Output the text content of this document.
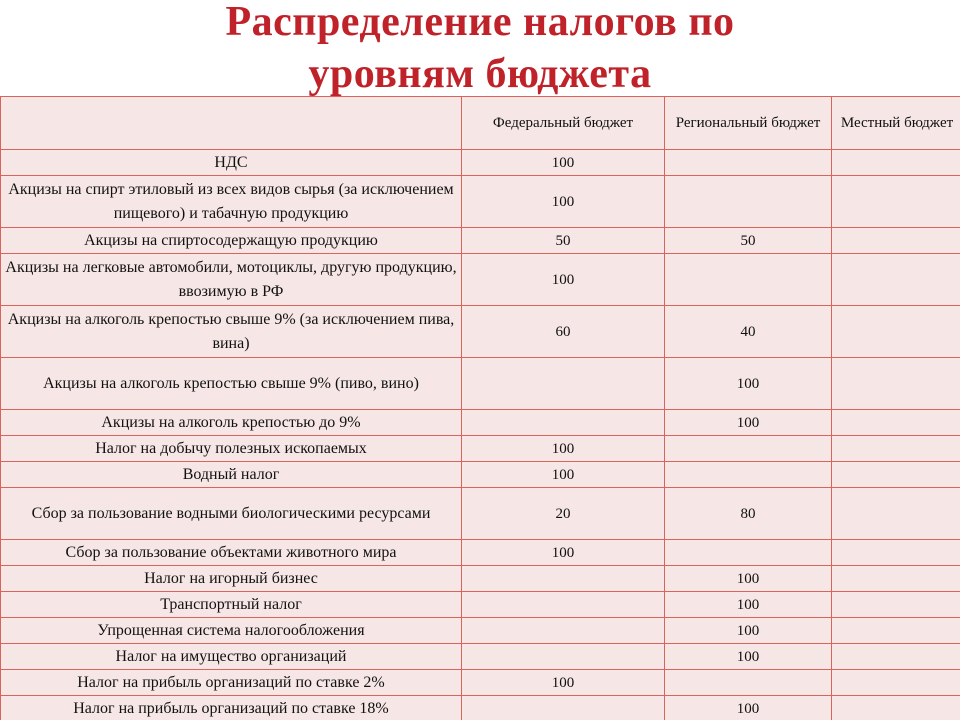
Распределение налогов по
уровням бюджета
	Федеральный бюджет	Региональный бюджет	Местный бюджет
НДС	100		
Акцизы на спирт этиловый из всех видов сырья (за исключением пищевого) и табачную продукцию	100		
Акцизы на спиртосодержащую продукцию	50	50	
Акцизы на легковые автомобили, мотоциклы, другую продукцию, ввозимую в РФ	100		
Акцизы на алкоголь крепостью свыше 9% (за исключением пива, вина)	60	40	
Акцизы на алкоголь крепостью свыше 9% (пиво, вино)		100	
Акцизы на алкоголь крепостью до 9%		100	
Налог на добычу полезных ископаемых	100		
Водный налог	100		
Сбор за пользование водными биологическими ресурсами	20	80	
Сбор за пользование объектами животного мира	100		
Налог на игорный бизнес		100	
Транспортный налог		100	
Упрощенная система налогообложения		100	
Налог на имущество организаций		100	
Налог на прибыль организаций по ставке 2%	100		
Налог на прибыль организаций по ставке 18%		100	
